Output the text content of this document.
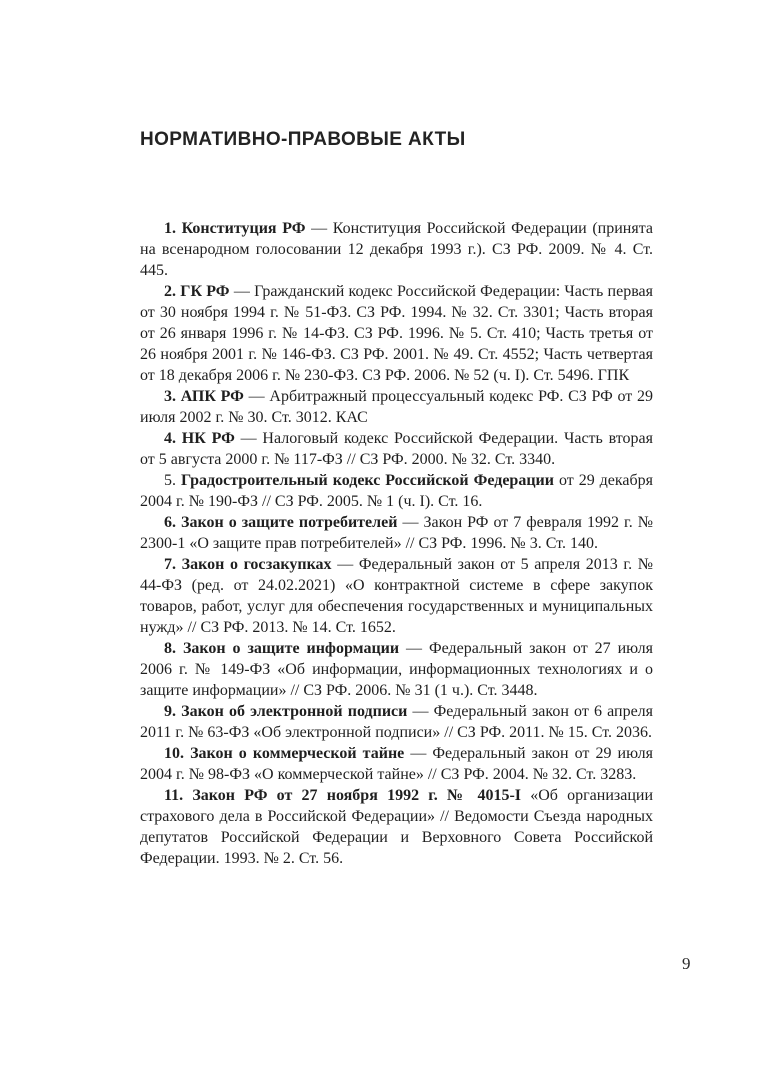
НОРМАТИВНО-ПРАВОВЫЕ АКТЫ

1. Конституция РФ — Конституция Российской Федерации (принята на всенародном голосовании 12 декабря 1993 г.). СЗ РФ. 2009. № 4. Ст. 445.

2. ГК РФ — Гражданский кодекс Российской Федерации: Часть первая от 30 ноября 1994 г. № 51-ФЗ. СЗ РФ. 1994. № 32. Ст. 3301; Часть вторая от 26 января 1996 г. № 14-ФЗ. СЗ РФ. 1996. № 5. Ст. 410; Часть третья от 26 ноября 2001 г. № 146-ФЗ. СЗ РФ. 2001. № 49. Ст. 4552; Часть четвертая от 18 декабря 2006 г. № 230-ФЗ. СЗ РФ. 2006. № 52 (ч. I). Ст. 5496. ГПК

3. АПК РФ — Арбитражный процессуальный кодекс РФ. СЗ РФ от 29 июля 2002 г. № 30. Ст. 3012. КАС

4. НК РФ — Налоговый кодекс Российской Федерации. Часть вторая от 5 августа 2000 г. № 117-ФЗ // СЗ РФ. 2000. № 32. Ст. 3340.

5. Градостроительный кодекс Российской Федерации от 29 декабря 2004 г. № 190-ФЗ // СЗ РФ. 2005. № 1 (ч. I). Ст. 16.

6. Закон о защите потребителей — Закон РФ от 7 февраля 1992 г. № 2300-1 «О защите прав потребителей» // СЗ РФ. 1996. № 3. Ст. 140.

7. Закон о госзакупках — Федеральный закон от 5 апреля 2013 г. № 44-ФЗ (ред. от 24.02.2021) «О контрактной системе в сфере закупок товаров, работ, услуг для обеспечения государственных и муниципальных нужд» // СЗ РФ. 2013. № 14. Ст. 1652.

8. Закон о защите информации — Федеральный закон от 27 июля 2006 г. № 149-ФЗ «Об информации, информационных технологиях и о защите информации» // СЗ РФ. 2006. № 31 (1 ч.). Ст. 3448.

9. Закон об электронной подписи — Федеральный закон от 6 апреля 2011 г. № 63-ФЗ «Об электронной подписи» // СЗ РФ. 2011. № 15. Ст. 2036.

10. Закон о коммерческой тайне — Федеральный закон от 29 июля 2004 г. № 98-ФЗ «О коммерческой тайне» // СЗ РФ. 2004. № 32. Ст. 3283.

11. Закон РФ от 27 ноября 1992 г. № 4015-I «Об организации страхового дела в Российской Федерации» // Ведомости Съезда народных депутатов Российской Федерации и Верховного Совета Российской Федерации. 1993. № 2. Ст. 56.

9
